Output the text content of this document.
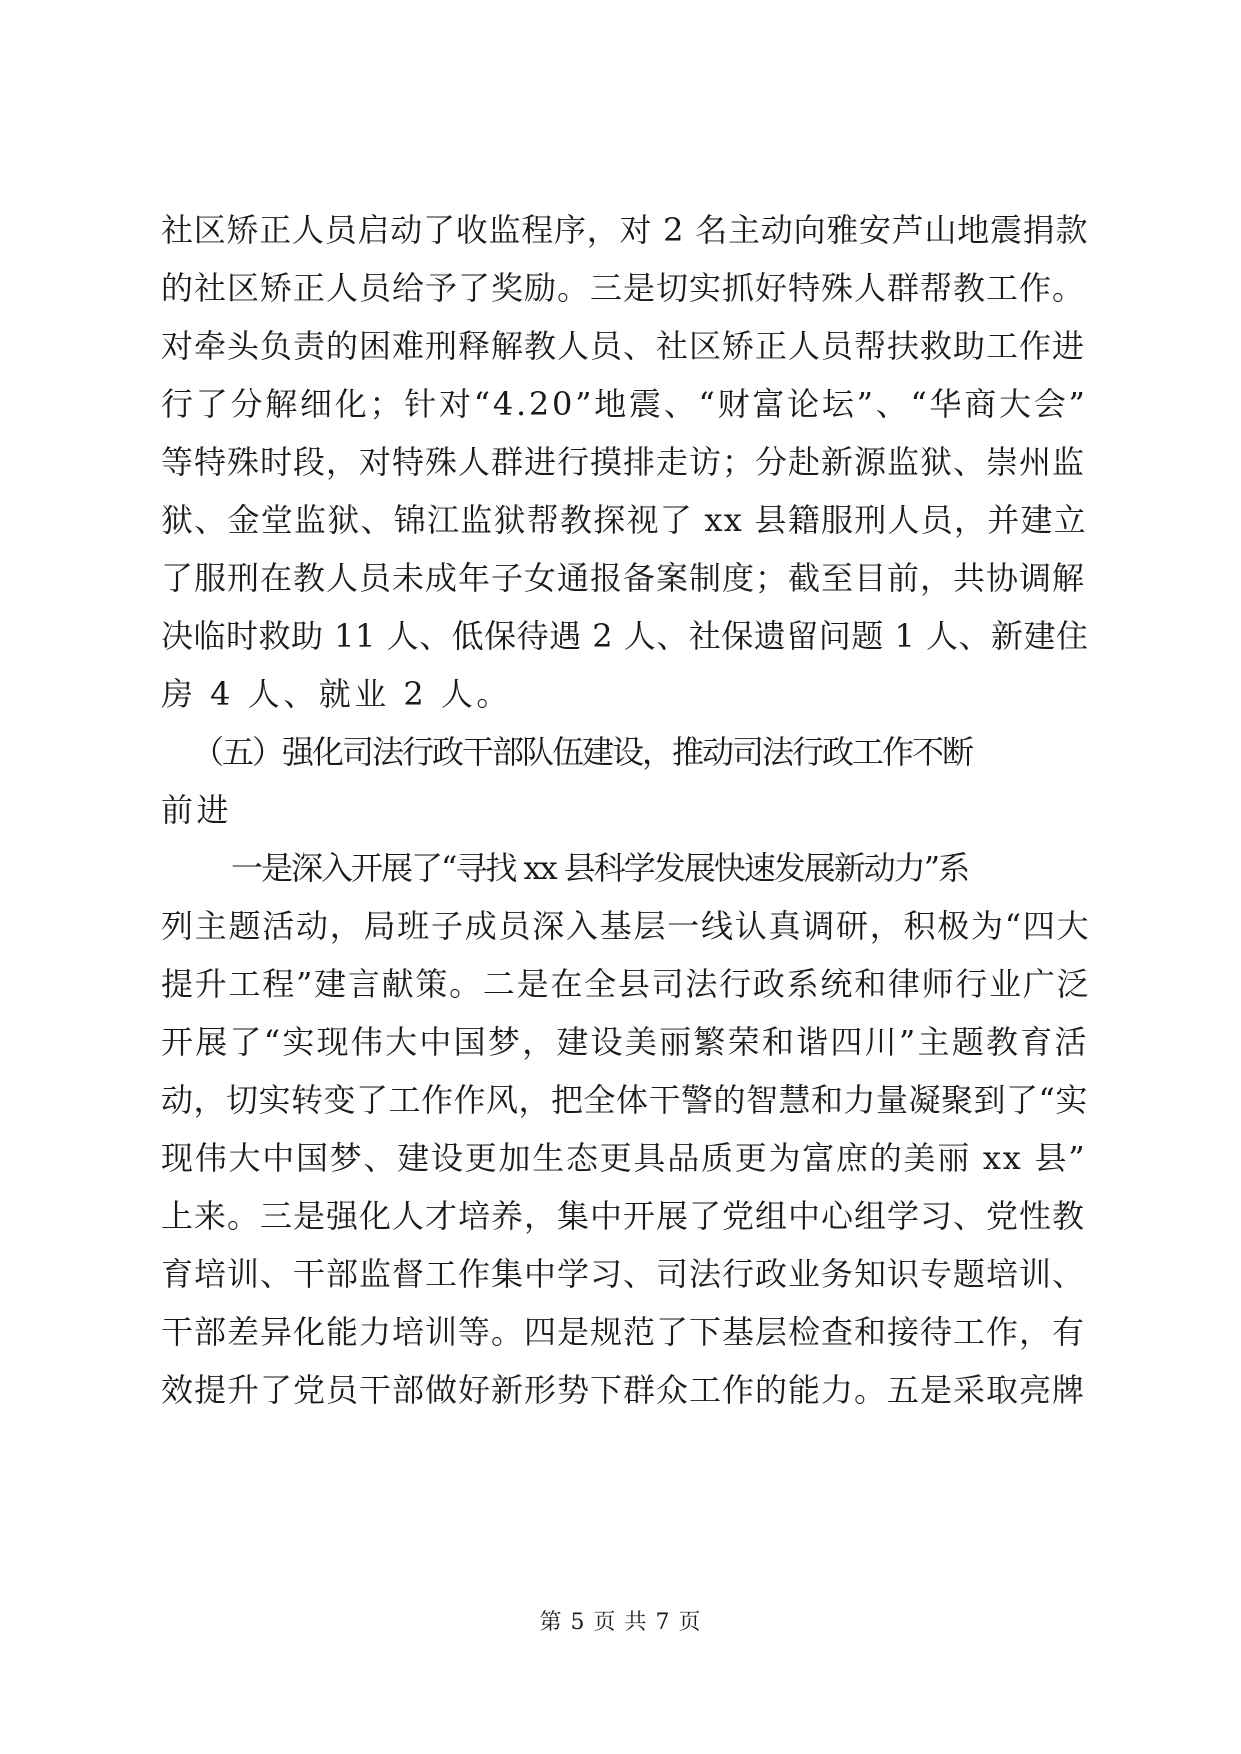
社区矫正人员启动了收监程序，对 2 名主动向雅安芦山地震捐款
的社区矫正人员给予了奖励。三是切实抓好特殊人群帮教工作。
对牵头负责的困难刑释解教人员、社区矫正人员帮扶救助工作进
行了分解细化；针对“4.20”地震、“财富论坛”、“华商大会”
等特殊时段，对特殊人群进行摸排走访；分赴新源监狱、崇州监
狱、金堂监狱、锦江监狱帮教探视了 xx 县籍服刑人员，并建立
了服刑在教人员未成年子女通报备案制度；截至目前，共协调解
决临时救助 11 人、低保待遇 2 人、社保遗留问题 1 人、新建住
房 4 人、就业 2 人。
（五）强化司法行政干部队伍建设，推动司法行政工作不断
前进
一是深入开展了“寻找 xx 县科学发展快速发展新动力”系
列主题活动，局班子成员深入基层一线认真调研，积极为“四大
提升工程”建言献策。二是在全县司法行政系统和律师行业广泛
开展了“实现伟大中国梦，建设美丽繁荣和谐四川”主题教育活
动，切实转变了工作作风，把全体干警的智慧和力量凝聚到了“实
现伟大中国梦、建设更加生态更具品质更为富庶的美丽 xx 县”
上来。三是强化人才培养，集中开展了党组中心组学习、党性教
育培训、干部监督工作集中学习、司法行政业务知识专题培训、
干部差异化能力培训等。四是规范了下基层检查和接待工作，有
效提升了党员干部做好新形势下群众工作的能力。五是采取亮牌
第 5 页 共 7 页
